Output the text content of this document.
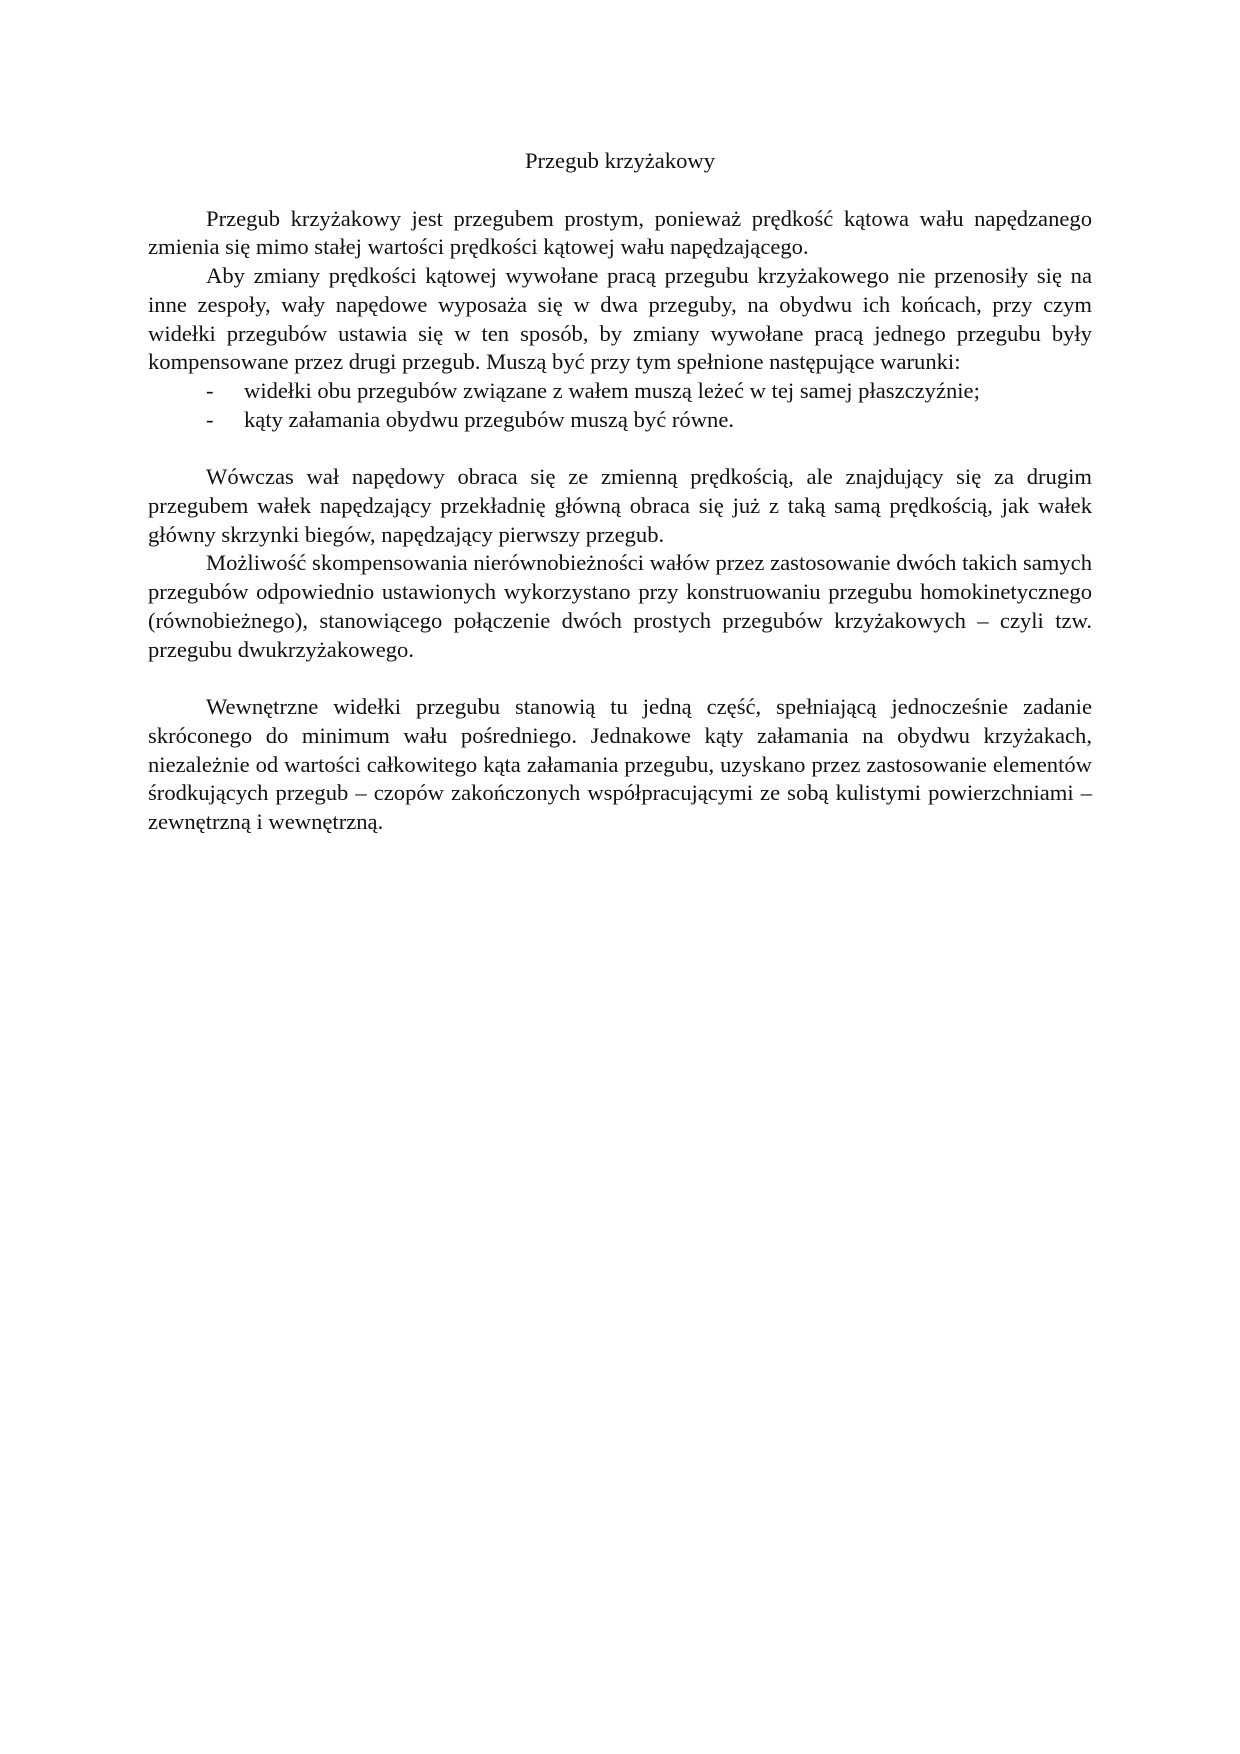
Przegub krzyżakowy

Przegub krzyżakowy jest przegubem prostym, ponieważ prędkość kątowa wału napędzanego zmienia się mimo stałej wartości prędkości kątowej wału napędzającego.

Aby zmiany prędkości kątowej wywołane pracą przegubu krzyżakowego nie przenosiły się na inne zespoły, wały napędowe wyposaża się w dwa przeguby, na obydwu ich końcach, przy czym widełki przegubów ustawia się w ten sposób, by zmiany wywołane pracą jednego przegubu były kompensowane przez drugi przegub. Muszą być przy tym spełnione następujące warunki:

- widełki obu przegubów związane z wałem muszą leżeć w tej samej płaszczyźnie;
- kąty załamania obydwu przegubów muszą być równe.

Wówczas wał napędowy obraca się ze zmienną prędkością, ale znajdujący się za drugim przegubem wałek napędzający przekładnię główną obraca się już z taką samą prędkością, jak wałek główny skrzynki biegów, napędzający pierwszy przegub.

Możliwość skompensowania nierównobieżności wałów przez zastosowanie dwóch takich samych przegubów odpowiednio ustawionych wykorzystano przy konstruowaniu przegubu homokinetycznego (równobieżnego), stanowiącego połączenie dwóch prostych przegubów krzyżakowych – czyli tzw. przegubu dwukrzyżakowego.

Wewnętrzne widełki przegubu stanowią tu jedną część, spełniającą jednocześnie zadanie skróconego do minimum wału pośredniego. Jednakowe kąty załamania na obydwu krzyżakach, niezależnie od wartości całkowitego kąta załamania przegubu, uzyskano przez zastosowanie elementów środkujących przegub – czopów zakończonych współpracującymi ze sobą kulistymi powierzchniami – zewnętrzną i wewnętrzną.
